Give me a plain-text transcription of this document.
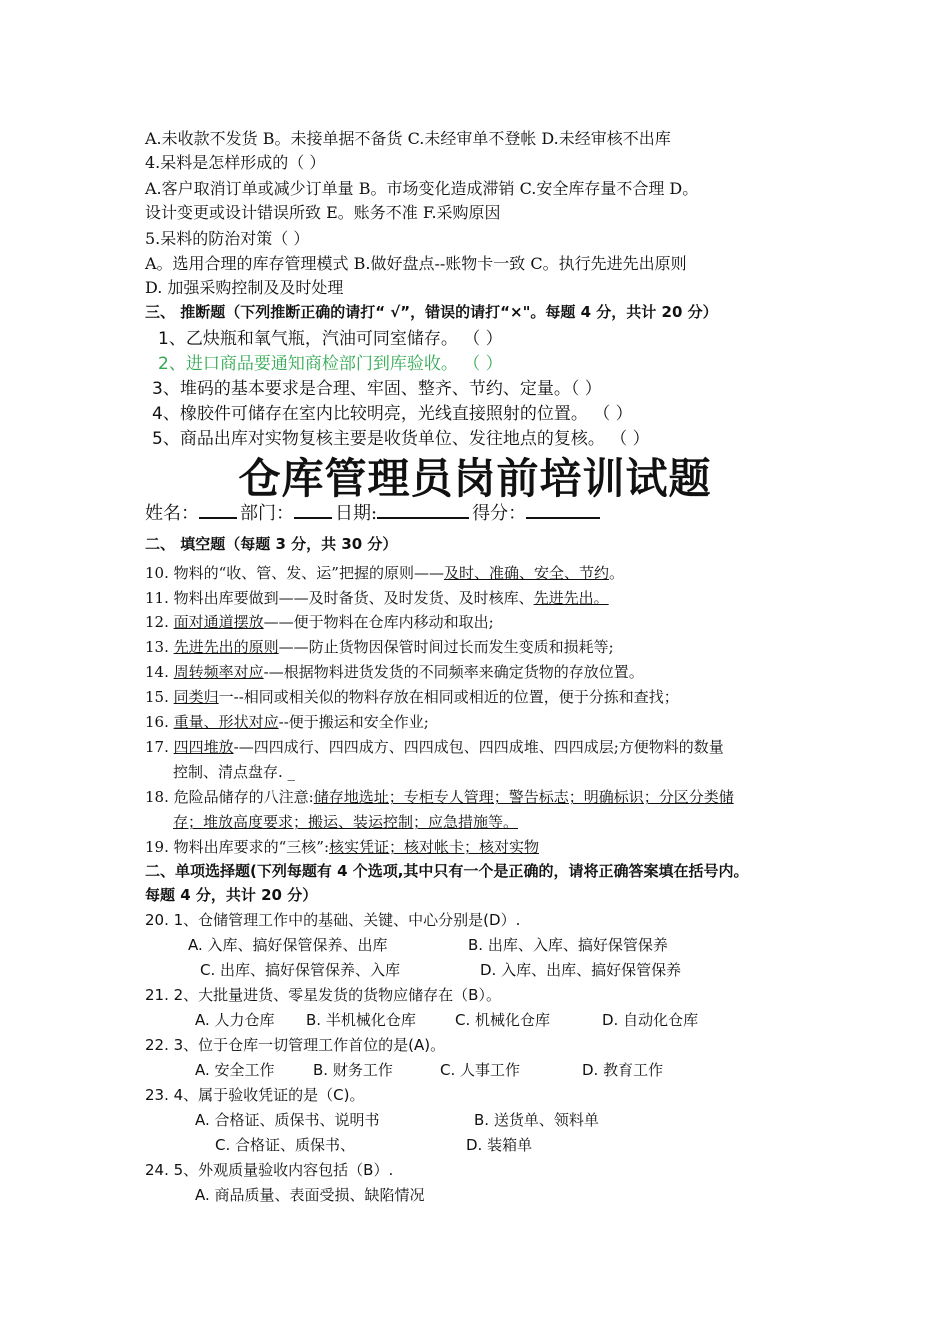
A.未收款不发货 B。未接单据不备货 C.未经审单不登帐 D.未经审核不出库
4.呆料是怎样形成的（ ）
A.客户取消订单或减少订单量 B。市场变化造成滞销 C.安全库存量不合理 D。
设计变更或设计错误所致 E。账务不准 F.采购原因
5.呆料的防治对策（ ）
A。选用合理的库存管理模式 B.做好盘点--账物卡一致 C。执行先进先出原则
D. 加强采购控制及及时处理
三、 推断题（下列推断正确的请打“ √”，错误的请打“×"。每题 4 分，共计 20 分）
1、乙炔瓶和氧气瓶，汽油可同室储存。 （ ）
2、进口商品要通知商检部门到库验收。 （ ）
3、堆码的基本要求是合理、牢固、整齐、节约、定量。（ ）
4、橡胶件可储存在室内比较明亮，光线直接照射的位置。 （ ）
5、商品出库对实物复核主要是收货单位、发往地点的复核。 （ ）
仓库管理员岗前培训试题
姓名： 部门： 日期:	得分：
二、 填空题（每题 3 分，共 30 分）
10. 物料的“收、管、发、运”把握的原则——及时、准确、安全、节约。
11. 物料出库要做到——及时备货、及时发货、及时核库、先进先出。
12. 面对通道摆放——便于物料在仓库内移动和取出;
13. 先进先出的原则——防止货物因保管时间过长而发生变质和损耗等;
14. 周转频率对应-—根据物料进货发货的不同频率来确定货物的存放位置。
15. 同类归一--相同或相关似的物料存放在相同或相近的位置，便于分拣和查找；
16. 重量、形状对应--便于搬运和安全作业;
17. 四四堆放-—四四成行、四四成方、四四成包、四四成堆、四四成层;方便物料的数量
控制、清点盘存. _
18. 危险品储存的八注意:储存地选址；专柜专人管理；警告标志；明确标识；分区分类储
存；堆放高度要求；搬运、装运控制；应急措施等。
19. 物料出库要求的“三核”:核实凭证；核对帐卡；核对实物
二、单项选择题(下列每题有 4 个选项,其中只有一个是正确的，请将正确答案填在括号内。
每题 4 分，共计 20 分）
20. 1、仓储管理工作中的基础、关键、中心分别是(D）.
A. 入库、搞好保管保养、出库	B. 出库、入库、搞好保管保养
C. 出库、搞好保管保养、入库	D. 入库、出库、搞好保管保养
21. 2、大批量进货、零星发货的货物应储存在（B）。
A. 人力仓库 B. 半机械化仓库	C. 机械化仓库	D. 自动化仓库
22. 3、位于仓库一切管理工作首位的是(A)。
A. 安全工作	B. 财务工作	C. 人事工作	D. 教育工作
23. 4、属于验收凭证的是（C)。
A. 合格证、质保书、说明书	B. 送货单、领料单
C. 合格证、质保书、	D. 装箱单
24. 5、外观质量验收内容包括（B）.
A. 商品质量、表面受损、缺陷情况
